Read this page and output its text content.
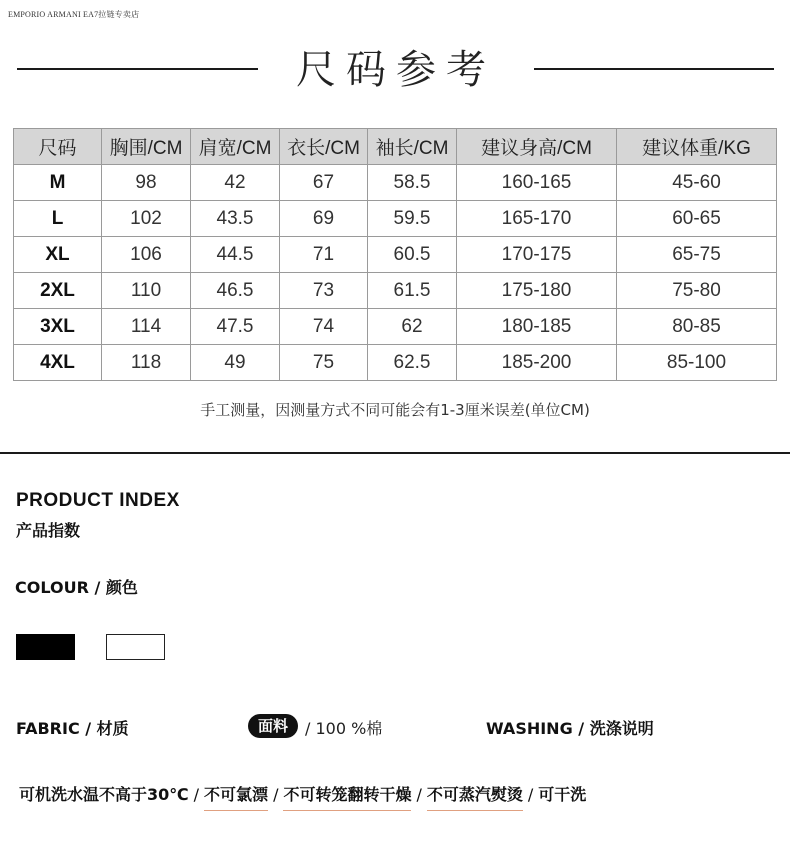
EMPORIO ARMANI EA7拉链专卖店
尺码参考
尺码	胸围/CM	肩宽/CM	衣长/CM	袖长/CM	建议身高/CM	建议体重/KG
M	98	42	67	58.5	160-165	45-60
L	102	43.5	69	59.5	165-170	60-65
XL	106	44.5	71	60.5	170-175	65-75
2XL	110	46.5	73	61.5	175-180	75-80
3XL	114	47.5	74	62	180-185	80-85
4XL	118	49	75	62.5	185-200	85-100
手工测量，因测量方式不同可能会有1-3厘米误差(单位CM)
PRODUCT INDEX
产品指数
COLOUR / 颜色
FABRIC / 材质	面料	/ 100 %棉	WASHING / 洗涤说明
可机洗水温不高于30℃ / 不可氯漂 / 不可转笼翻转干燥 / 不可蒸汽熨烫 / 可干洗
